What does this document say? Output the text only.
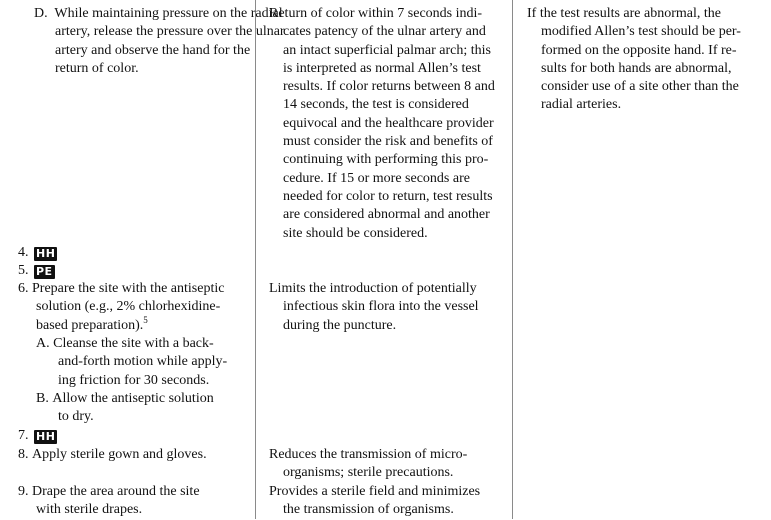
D. While maintaining pressure on the radial artery, release the pressure over the ulnar artery and observe the hand for the return of color.
Return of color within 7 seconds indi-
cates patency of the ulnar artery and
an intact superficial palmar arch; this
is interpreted as normal Allen’s test
results. If color returns between 8 and
14 seconds, the test is considered
equivocal and the healthcare provider
must consider the risk and benefits of
continuing with performing this pro-
cedure. If 15 or more seconds are
needed for color to return, test results
are considered abnormal and another
site should be considered.
If the test results are abnormal, the
modified Allen’s test should be per-
formed on the opposite hand. If re-
sults for both hands are abnormal,
consider use of a site other than the
radial arteries.
4. HH
5. PE
6. Prepare the site with the antiseptic
solution (e.g., 2% chlorhexidine-
based preparation).$^5$
Limits the introduction of potentially
infectious skin flora into the vessel
during the puncture.
A. Cleanse the site with a back-
and-forth motion while apply-
ing friction for 30 seconds.
B. Allow the antiseptic solution
to dry.
7. HH
8. Apply sterile gown and gloves.	Reduces the transmission of micro-
organisms; sterile precautions.
9. Drape the area around the site
with sterile drapes.
Provides a sterile field and minimizes
the transmission of organisms.
